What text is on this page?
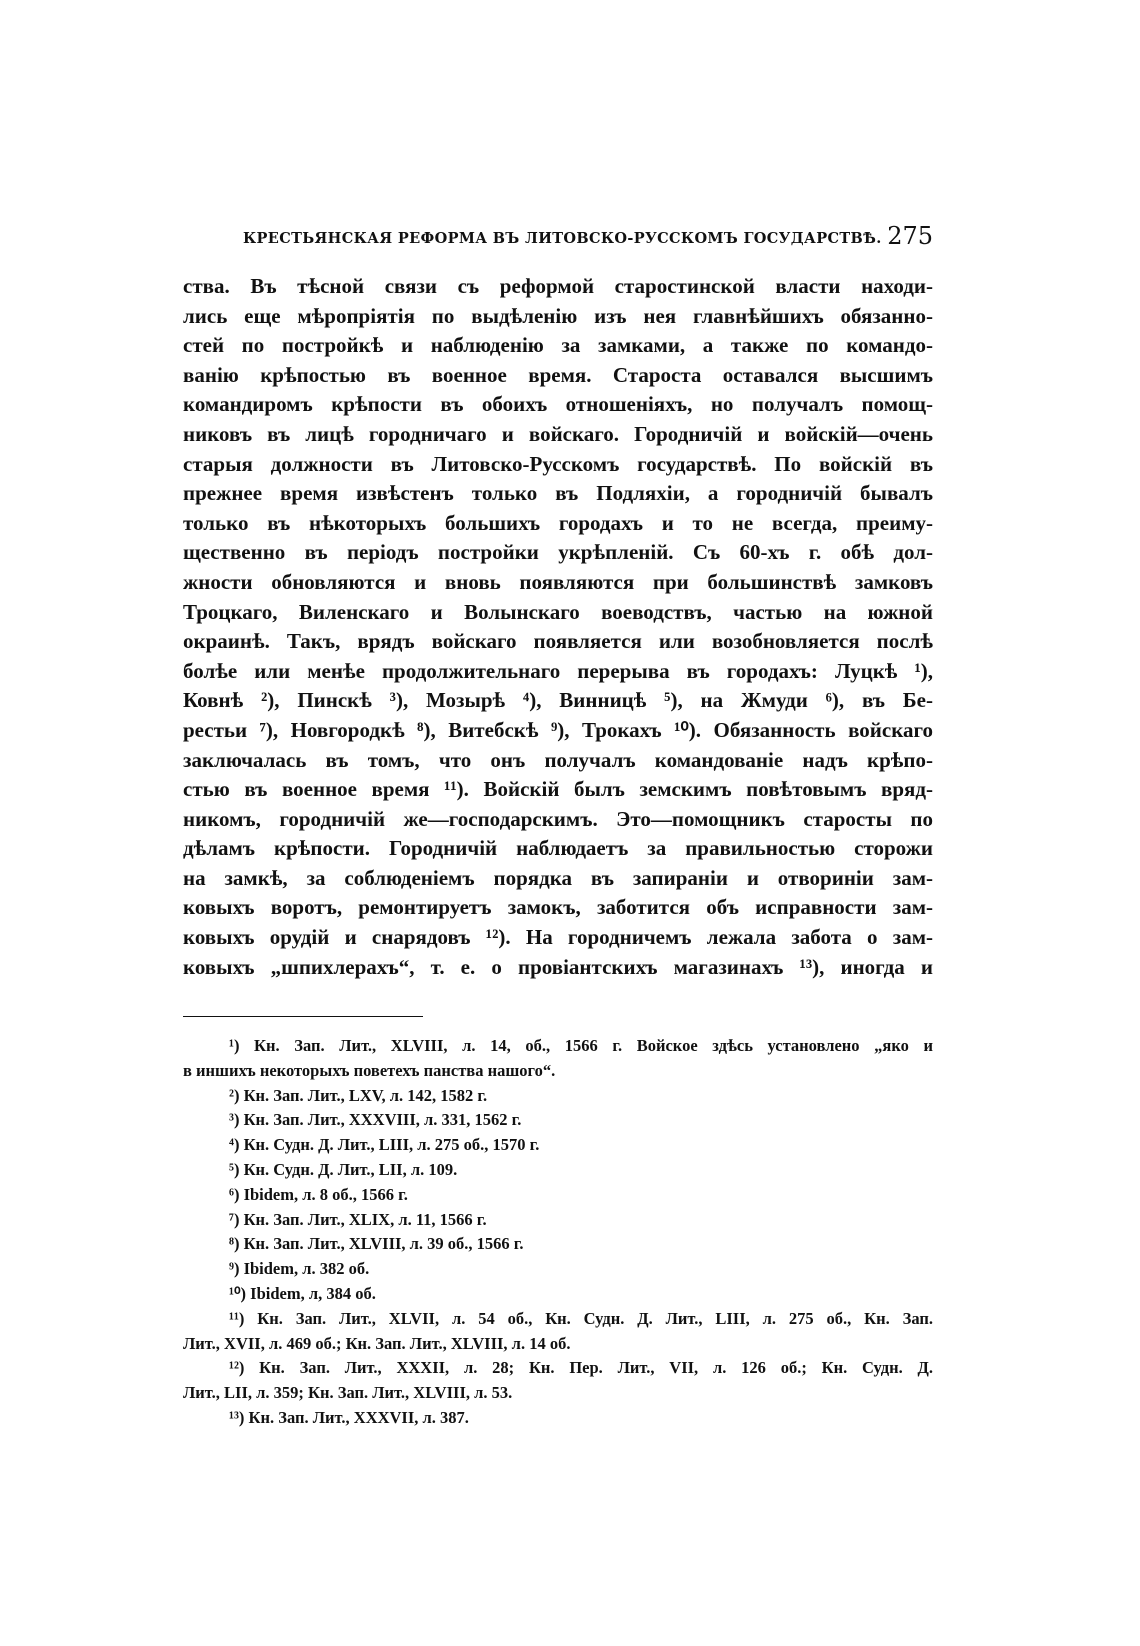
КРЕСТЬЯНСКАЯ РЕФОРМА ВЪ ЛИТОВСКО-РУССКОМЪ ГОСУДАРСТВѢ. 275
ства. Въ тѣсной связи съ реформой старостинской власти находи-
лись еще мѣропріятія по выдѣленію изъ нея главнѣйшихъ обязанно-
стей по постройкѣ и наблюденію за замками, а также по командо-
ванію крѣпостью въ военное время. Староста оставался высшимъ
командиромъ крѣпости въ обоихъ отношеніяхъ, но получалъ помощ-
никовъ въ лицѣ городничаго и войскаго. Городничій и войскій—очень
старыя должности въ Литовско-Русскомъ государствѣ. По войскій въ
прежнее время извѣстенъ только въ Подляхіи, а городничій бывалъ
только въ нѣкоторыхъ большихъ городахъ и то не всегда, преиму-
щественно въ періодъ постройки укрѣпленій. Съ 60-хъ г. обѣ дол-
жности обновляются и вновь появляются при большинствѣ замковъ
Троцкаго, Виленскаго и Волынскаго воеводствъ, частью на южной
окраинѣ. Такъ, врядъ войскаго появляется или возобновляется послѣ
болѣе или менѣе продолжительнаго перерыва въ городахъ: Луцкѣ ¹),
Ковнѣ ²), Пинскѣ ³), Мозырѣ ⁴), Винницѣ ⁵), на Жмуди ⁶), въ Бе-
рестьи ⁷), Новгородкѣ ⁸), Витебскѣ ⁹), Трокахъ ¹⁰). Обязанность войскаго
заключалась въ томъ, что онъ получалъ командованіе надъ крѣпо-
стью въ военное время ¹¹). Войскій былъ земскимъ повѣтовымъ вряд-
никомъ, городничій же—господарскимъ. Это—помощникъ старосты по
дѣламъ крѣпости. Городничій наблюдаетъ за правильностью сторожи
на замкѣ, за соблюденіемъ порядка въ запираніи и отвориніи зам-
ковыхъ воротъ, ремонтируетъ замокъ, заботится объ исправности зам-
ковыхъ орудій и снарядовъ ¹²). На городничемъ лежала забота о зам-
ковыхъ „шпихлерахъ“, т. е. о провіантскихъ магазинахъ ¹³), иногда и
¹) Кн. Зап. Лит., XLVIII, л. 14, об., 1566 г. Войское здѣсь установлено „яко и
в иншихъ некоторыхъ поветехъ панства нашого“.
²) Кн. Зап. Лит., LXV, л. 142, 1582 г.
³) Кн. Зап. Лит., XXXVIII, л. 331, 1562 г.
⁴) Кн. Судн. Д. Лит., LIII, л. 275 об., 1570 г.
⁵) Кн. Судн. Д. Лит., LII, л. 109.
⁶) Ibidem, л. 8 об., 1566 г.
⁷) Кн. Зап. Лит., XLIX, л. 11, 1566 г.
⁸) Кн. Зап. Лит., XLVIII, л. 39 об., 1566 г.
⁹) Ibidem, л. 382 об.
¹⁰) Ibidem, л, 384 об.
¹¹) Кн. Зап. Лит., XLVII, л. 54 об., Кн. Судн. Д. Лит., LIII, л. 275 об., Кн. Зап.
Лит., XVII, л. 469 об.; Кн. Зап. Лит., XLVIII, л. 14 об.
¹²) Кн. Зап. Лит., XXXII, л. 28; Кн. Пер. Лит., VII, л. 126 об.; Кн. Судн. Д.
Лит., LII, л. 359; Кн. Зап. Лит., XLVIII, л. 53.
¹³) Кн. Зап. Лит., XXXVII, л. 387.
